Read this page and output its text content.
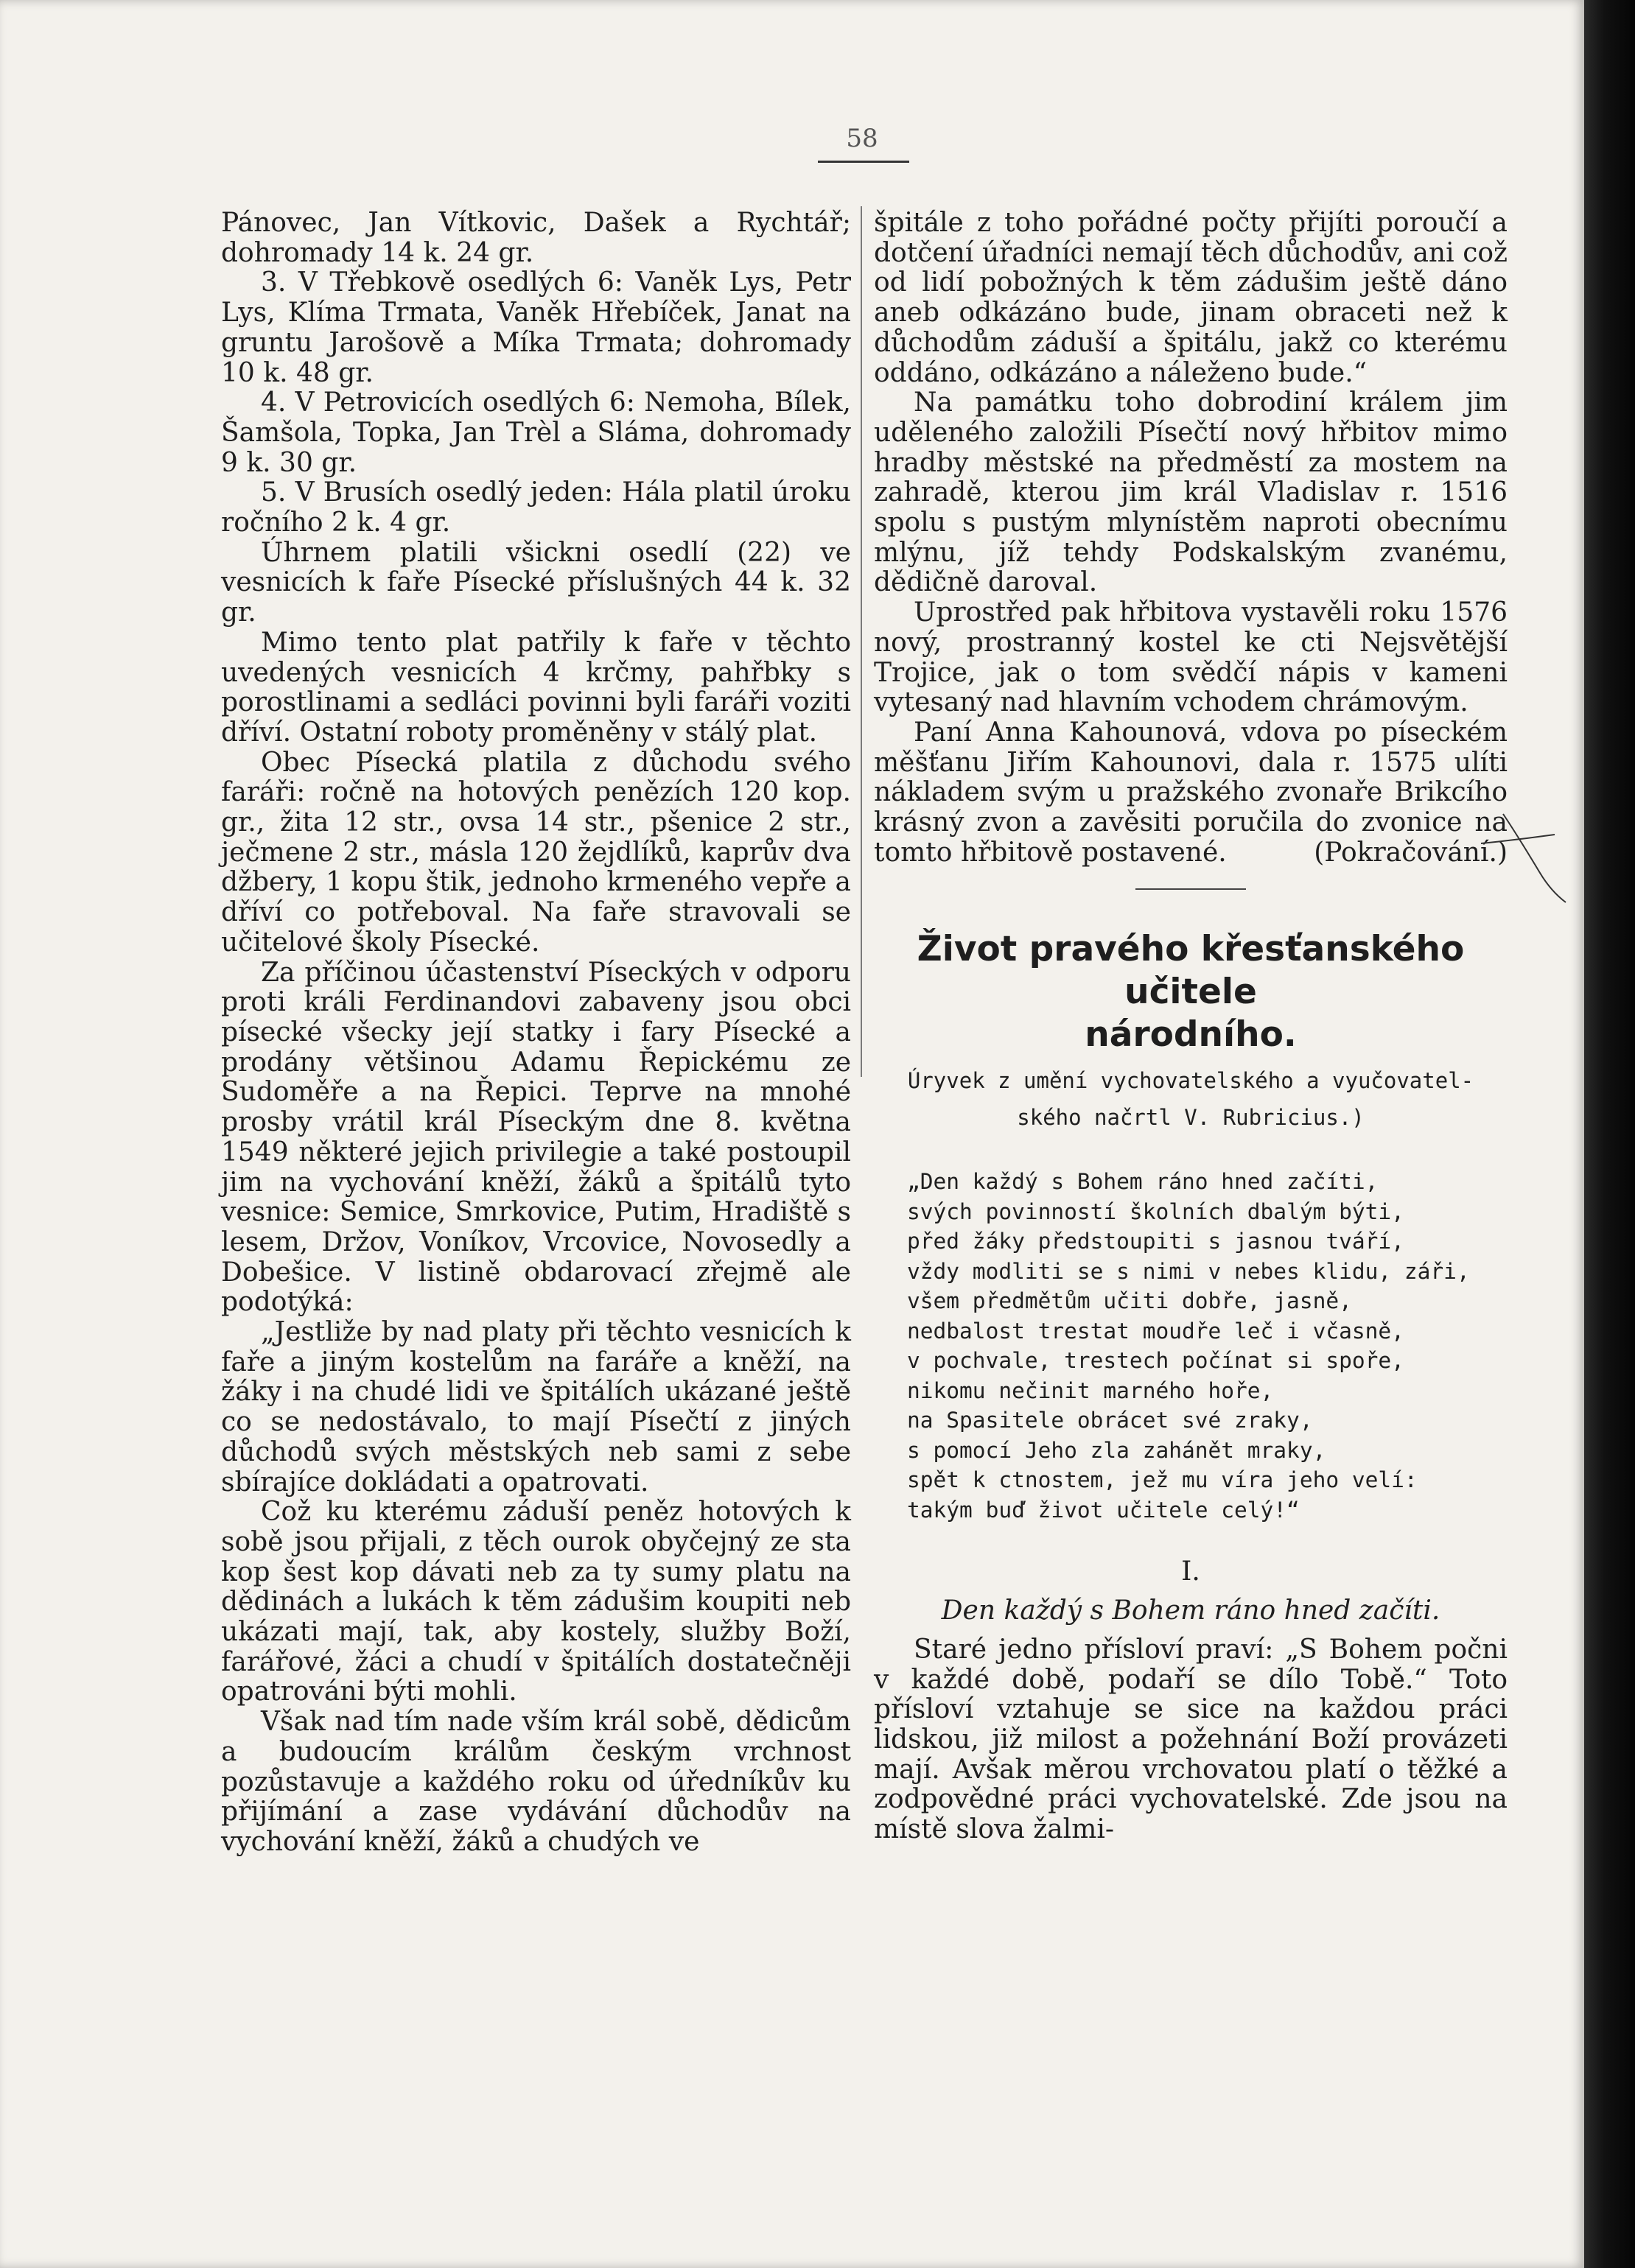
58

Pánovec, Jan Vítkovic, Dašek a Rychtář; dohromady 14 k. 24 gr.

3. V Třebkově osedlých 6: Vaněk Lys, Petr Lys, Klíma Trmata, Vaněk Hřebíček, Janat na gruntu Jarošově a Míka Trmata; dohromady 10 k. 48 gr.

4. V Petrovicích osedlých 6: Nemoha, Bílek, Šamšola, Topka, Jan Trèl a Sláma, dohromady 9 k. 30 gr.

5. V Brusích osedlý jeden: Hála platil úroku ročního 2 k. 4 gr.

Úhrnem platili všickni osedlí (22) ve vesnicích k faře Písecké příslušných 44 k. 32 gr.

Mimo tento plat patřily k faře v těchto uvedených vesnicích 4 krčmy, pahřbky s porostlinami a sedláci povinni byli faráři voziti dříví. Ostatní roboty proměněny v stálý plat.

Obec Písecká platila z důchodu svého faráři: ročně na hotových penězích 120 kop. gr., žita 12 str., ovsa 14 str., pšenice 2 str., ječmene 2 str., másla 120 žejdlíků, kaprův dva džbery, 1 kopu štik, jednoho krmeného vepře a dříví co potřeboval. Na faře stravovali se učitelové školy Písecké.

Za příčinou účastenství Píseckých v odporu proti králi Ferdinandovi zabaveny jsou obci písecké všecky její statky i fary Písecké a prodány většinou Adamu Řepickému ze Sudoměře a na Řepici. Teprve na mnohé prosby vrátil král Píseckým dne 8. května 1549 některé jejich privilegie a také postoupil jim na vychování kněží, žáků a špitálů tyto vesnice: Semice, Smrkovice, Putim, Hradiště s lesem, Držov, Voníkov, Vrcovice, Novosedly a Dobešice. V listině obdarovací zřejmě ale podotýká:

„Jestliže by nad platy při těchto vesnicích k faře a jiným kostelům na faráře a kněží, na žáky i na chudé lidi ve špitálích ukázané ještě co se nedostávalo, to mají Písečtí z jiných důchodů svých městských neb sami z sebe sbírajíce dokládati a opatrovati.

Což ku kterému záduší peněz hotových k sobě jsou přijali, z těch ourok obyčejný ze sta kop šest kop dávati neb za ty sumy platu na dědinách a lukách k těm zádušim koupiti neb ukázati mají, tak, aby kostely, služby Boží, farářové, žáci a chudí v špitálích dostatečněji opatrováni býti mohli.

Však nad tím nade vším král sobě, dědicům a budoucím králům českým vrchnost pozůstavuje a každého roku od úředníkův ku přijímání a zase vydávání důchodův na vychování kněží, žáků a chudých ve

špitále z toho pořádné počty přijíti poroučí a dotčení úřadníci nemají těch důchodův, ani což od lidí pobožných k těm zádušim ještě dáno aneb odkázáno bude, jinam obraceti než k důchodům záduší a špitálu, jakž co kterému oddáno, odkázáno a náleženo bude.“

Na památku toho dobrodiní králem jim uděleného založili Písečtí nový hřbitov mimo hradby městské na předměstí za mostem na zahradě, kterou jim král Vladislav r. 1516 spolu s pustým mlynístěm naproti obecnímu mlýnu, jíž tehdy Podskalským zvanému, dědičně daroval.

Uprostřed pak hřbitova vystavěli roku 1576 nový, prostranný kostel ke cti Nejsvětější Trojice, jak o tom svědčí nápis v kameni vytesaný nad hlavním vchodem chrámovým.

Paní Anna Kahounová, vdova po píseckém měšťanu Jiřím Kahounovi, dala r. 1575 ulíti nákladem svým u pražského zvonaře Brikcího krásný zvon a zavěsiti poručila do zvonice na tomto hřbitově postavené.	(Pokračování.)

Život pravého křesťanského učitele
národního.
Úryvek z umění vychovatelského a vyučovatel-
ského načrtl V. Rubricius.)
„Den každý s Bohem ráno hned začíti,
svých povinností školních dbalým býti,
před žáky předstoupiti s jasnou tváří,
vždy modliti se s nimi v nebes klidu, záři,
všem předmětům učiti dobře, jasně,
nedbalost trestat moudře leč i včasně,
v pochvale, trestech počínat si spoře,
nikomu nečinit marného hoře,
na Spasitele obrácet své zraky,
s pomocí Jeho zla zahánět mraky,
spět k ctnostem, jež mu víra jeho velí:
takým buď život učitele celý!“
I.
Den každý s Bohem ráno hned začíti.

Staré jedno přísloví praví: „S Bohem počni v každé době, podaří se dílo Tobě.“ Toto přísloví vztahuje se sice na každou práci lidskou, již milost a požehnání Boží provázeti mají. Avšak měrou vrchovatou platí o těžké a zodpovědné práci vychovatelské. Zde jsou na místě slova žalmi-
